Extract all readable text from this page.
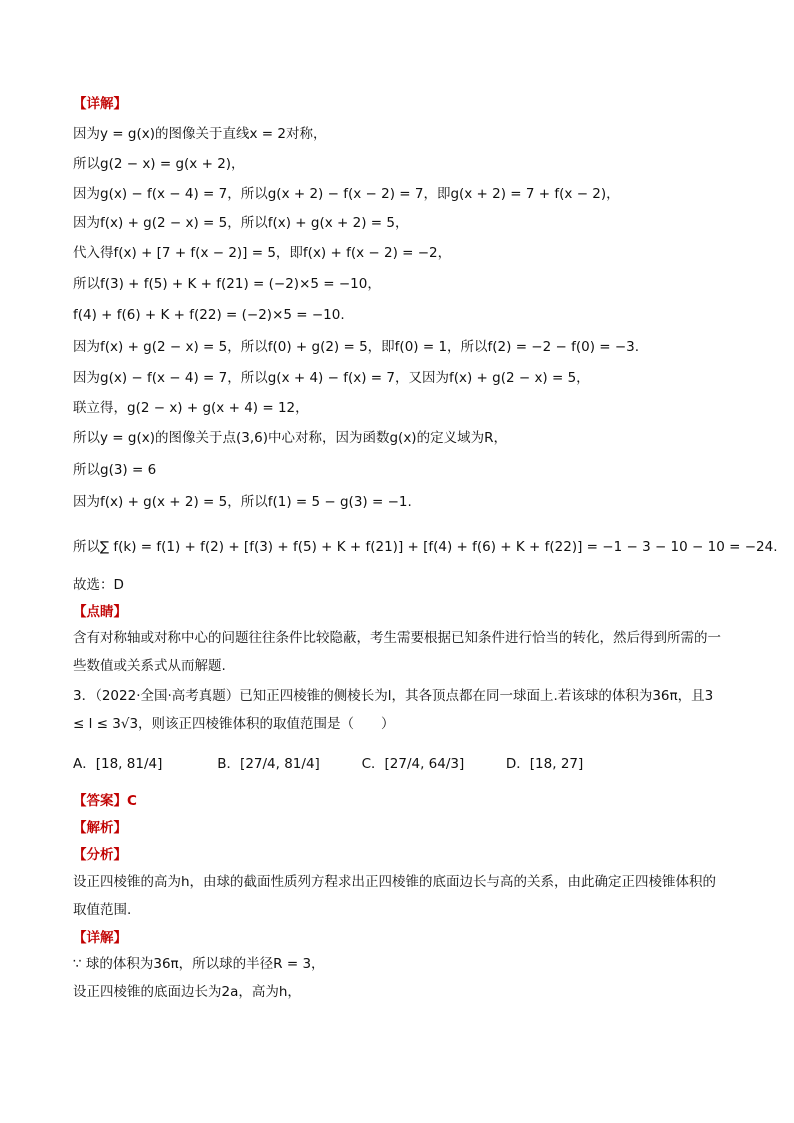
【详解】
因为y = g(x)的图像关于直线x = 2对称，
所以g(2 − x) = g(x + 2)，
因为g(x) − f(x − 4) = 7，所以g(x + 2) − f(x − 2) = 7，即g(x + 2) = 7 + f(x − 2)，
因为f(x) + g(2 − x) = 5，所以f(x) + g(x + 2) = 5，
代入得f(x) + [7 + f(x − 2)] = 5，即f(x) + f(x − 2) = −2，
所以f(3) + f(5) + K + f(21) = (−2)×5 = −10，
f(4) + f(6) + K + f(22) = (−2)×5 = −10.
因为f(x) + g(2 − x) = 5，所以f(0) + g(2) = 5，即f(0) = 1，所以f(2) = −2 − f(0) = −3.
因为g(x) − f(x − 4) = 7，所以g(x + 4) − f(x) = 7，又因为f(x) + g(2 − x) = 5，
联立得，g(2 − x) + g(x + 4) = 12，
所以y = g(x)的图像关于点(3,6)中心对称，因为函数g(x)的定义域为R，
所以g(3) = 6
因为f(x) + g(x + 2) = 5，所以f(1) = 5 − g(3) = −1.
所以∑ f(k) = f(1) + f(2) + [f(3) + f(5) + K + f(21)] + [f(4) + f(6) + K + f(22)] = −1 − 3 − 10 − 10 = −24.
故选：D
【点睛】
含有对称轴或对称中心的问题往往条件比较隐蔽，考生需要根据已知条件进行恰当的转化，然后得到所需的一些数值或关系式从而解题.
3．（2022·全国·高考真题）已知正四棱锥的侧棱长为l，其各顶点都在同一球面上.若该球的体积为36π，且3 ≤ l ≤ 3√3，则该正四棱锥体积的取值范围是（　　）
A．[18, 81/4]	B．[27/4, 81/4]	C．[27/4, 64/3]	D．[18, 27]
【答案】C
【解析】
【分析】
设正四棱锥的高为h，由球的截面性质列方程求出正四棱锥的底面边长与高的关系，由此确定正四棱锥体积的取值范围.
【详解】
∵ 球的体积为36π，所以球的半径R = 3，
设正四棱锥的底面边长为2a，高为h，
